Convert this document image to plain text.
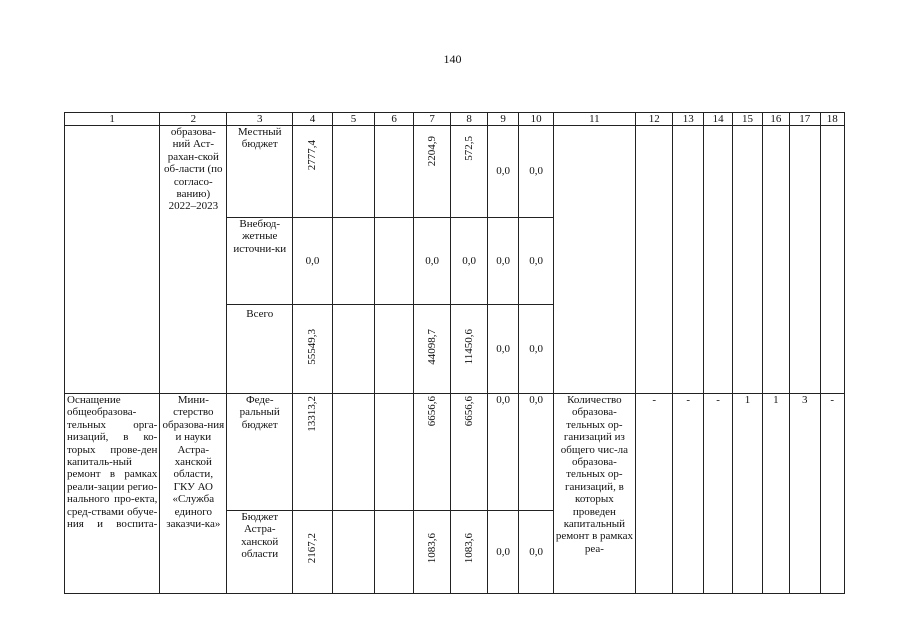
140
1	2	3	4	5	6	7	8	9	10	11	12	13	14	15	16	17	18
	образова-ний Аст-рахан-ской об-ласти (по согласо-ванию) 2022–2023	Местный бюджет	2777,4			2204,9	572,5	0,0	0,0								
		Внебюд-жетные источни-ки	0,0			0,0	0,0	0,0	0,0								
		Всего	55549,3			44098,7	11450,6	0,0	0,0								
Оснащение общеобразова-тельных орга-низаций, в ко-торых прове-ден капиталь-ный ремонт в рамках реали-зации регио-нального про-екта, сред-ствами обуче-ния и воспита-	Мини-стерство образова-ния и науки Астра-ханской области, ГКУ АО «Служба единого заказчи-ка»	Феде-ральный бюджет	13313,2			6656,6	6656,6	0,0	0,0	Количество образова-тельных ор-ганизаций из общего чис-ла образова-тельных ор-ганизаций, в которых проведен капитальный ремонт в рамках реа-	-	-	-	1	1	3	-
		Бюджет Астра-ханской области	2167,2			1083,6	1083,6	0,0	0,0								
